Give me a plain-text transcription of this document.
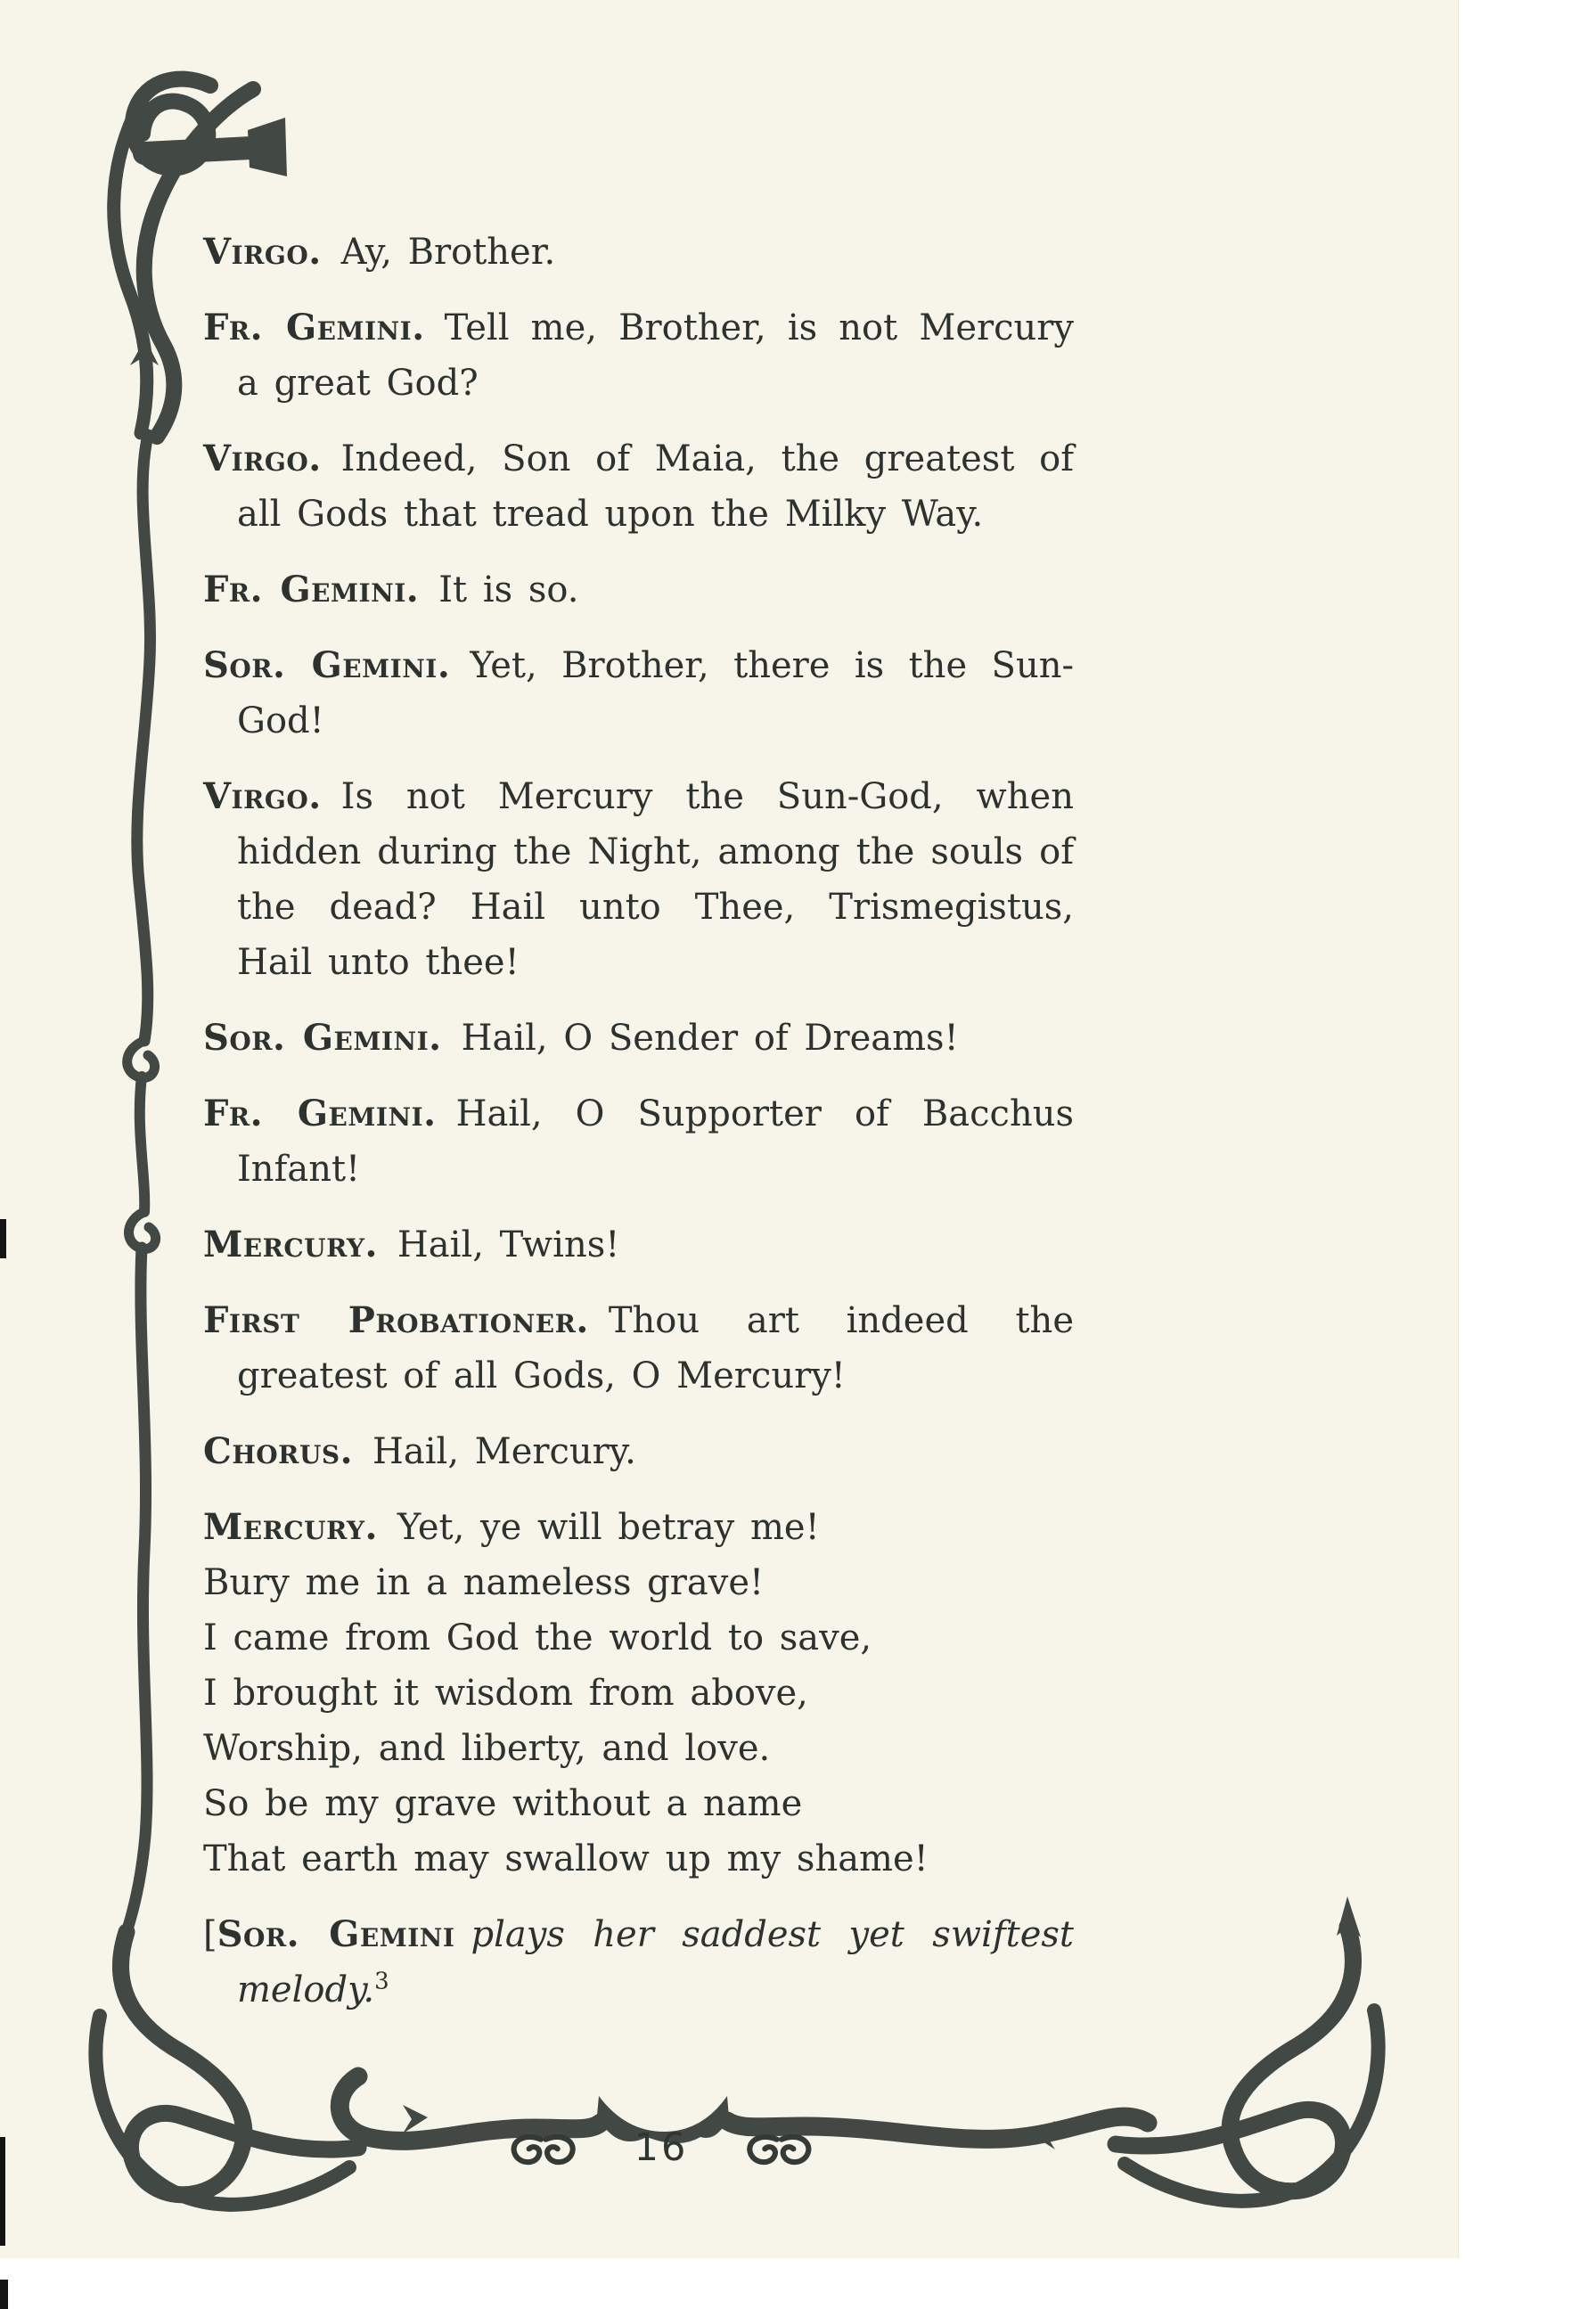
Virgo. Ay, Brother.

Fr. Gemini. Tell me, Brother, is not Mercury a great God?

Virgo. Indeed, Son of Maia, the greatest of all Gods that tread upon the Milky Way.

Fr. Gemini. It is so.

Sor. Gemini. Yet, Brother, there is the Sun-God!

Virgo. Is not Mercury the Sun-God, when hidden during the Night, among the souls of the dead? Hail unto Thee, Trismegistus, Hail unto thee!

Sor. Gemini. Hail, O Sender of Dreams!

Fr. Gemini. Hail, O Supporter of Bacchus Infant!

Mercury. Hail, Twins!

First Probationer. Thou art indeed the greatest of all Gods, O Mercury!

Chorus. Hail, Mercury.

Mercury. Yet, ye will betray me!
Bury me in a nameless grave!
I came from God the world to save,
I brought it wisdom from above,
Worship, and liberty, and love.
So be my grave without a name
That earth may swallow up my shame!

[Sor. Gemini plays her saddest yet swiftest melody.$^3$

16
